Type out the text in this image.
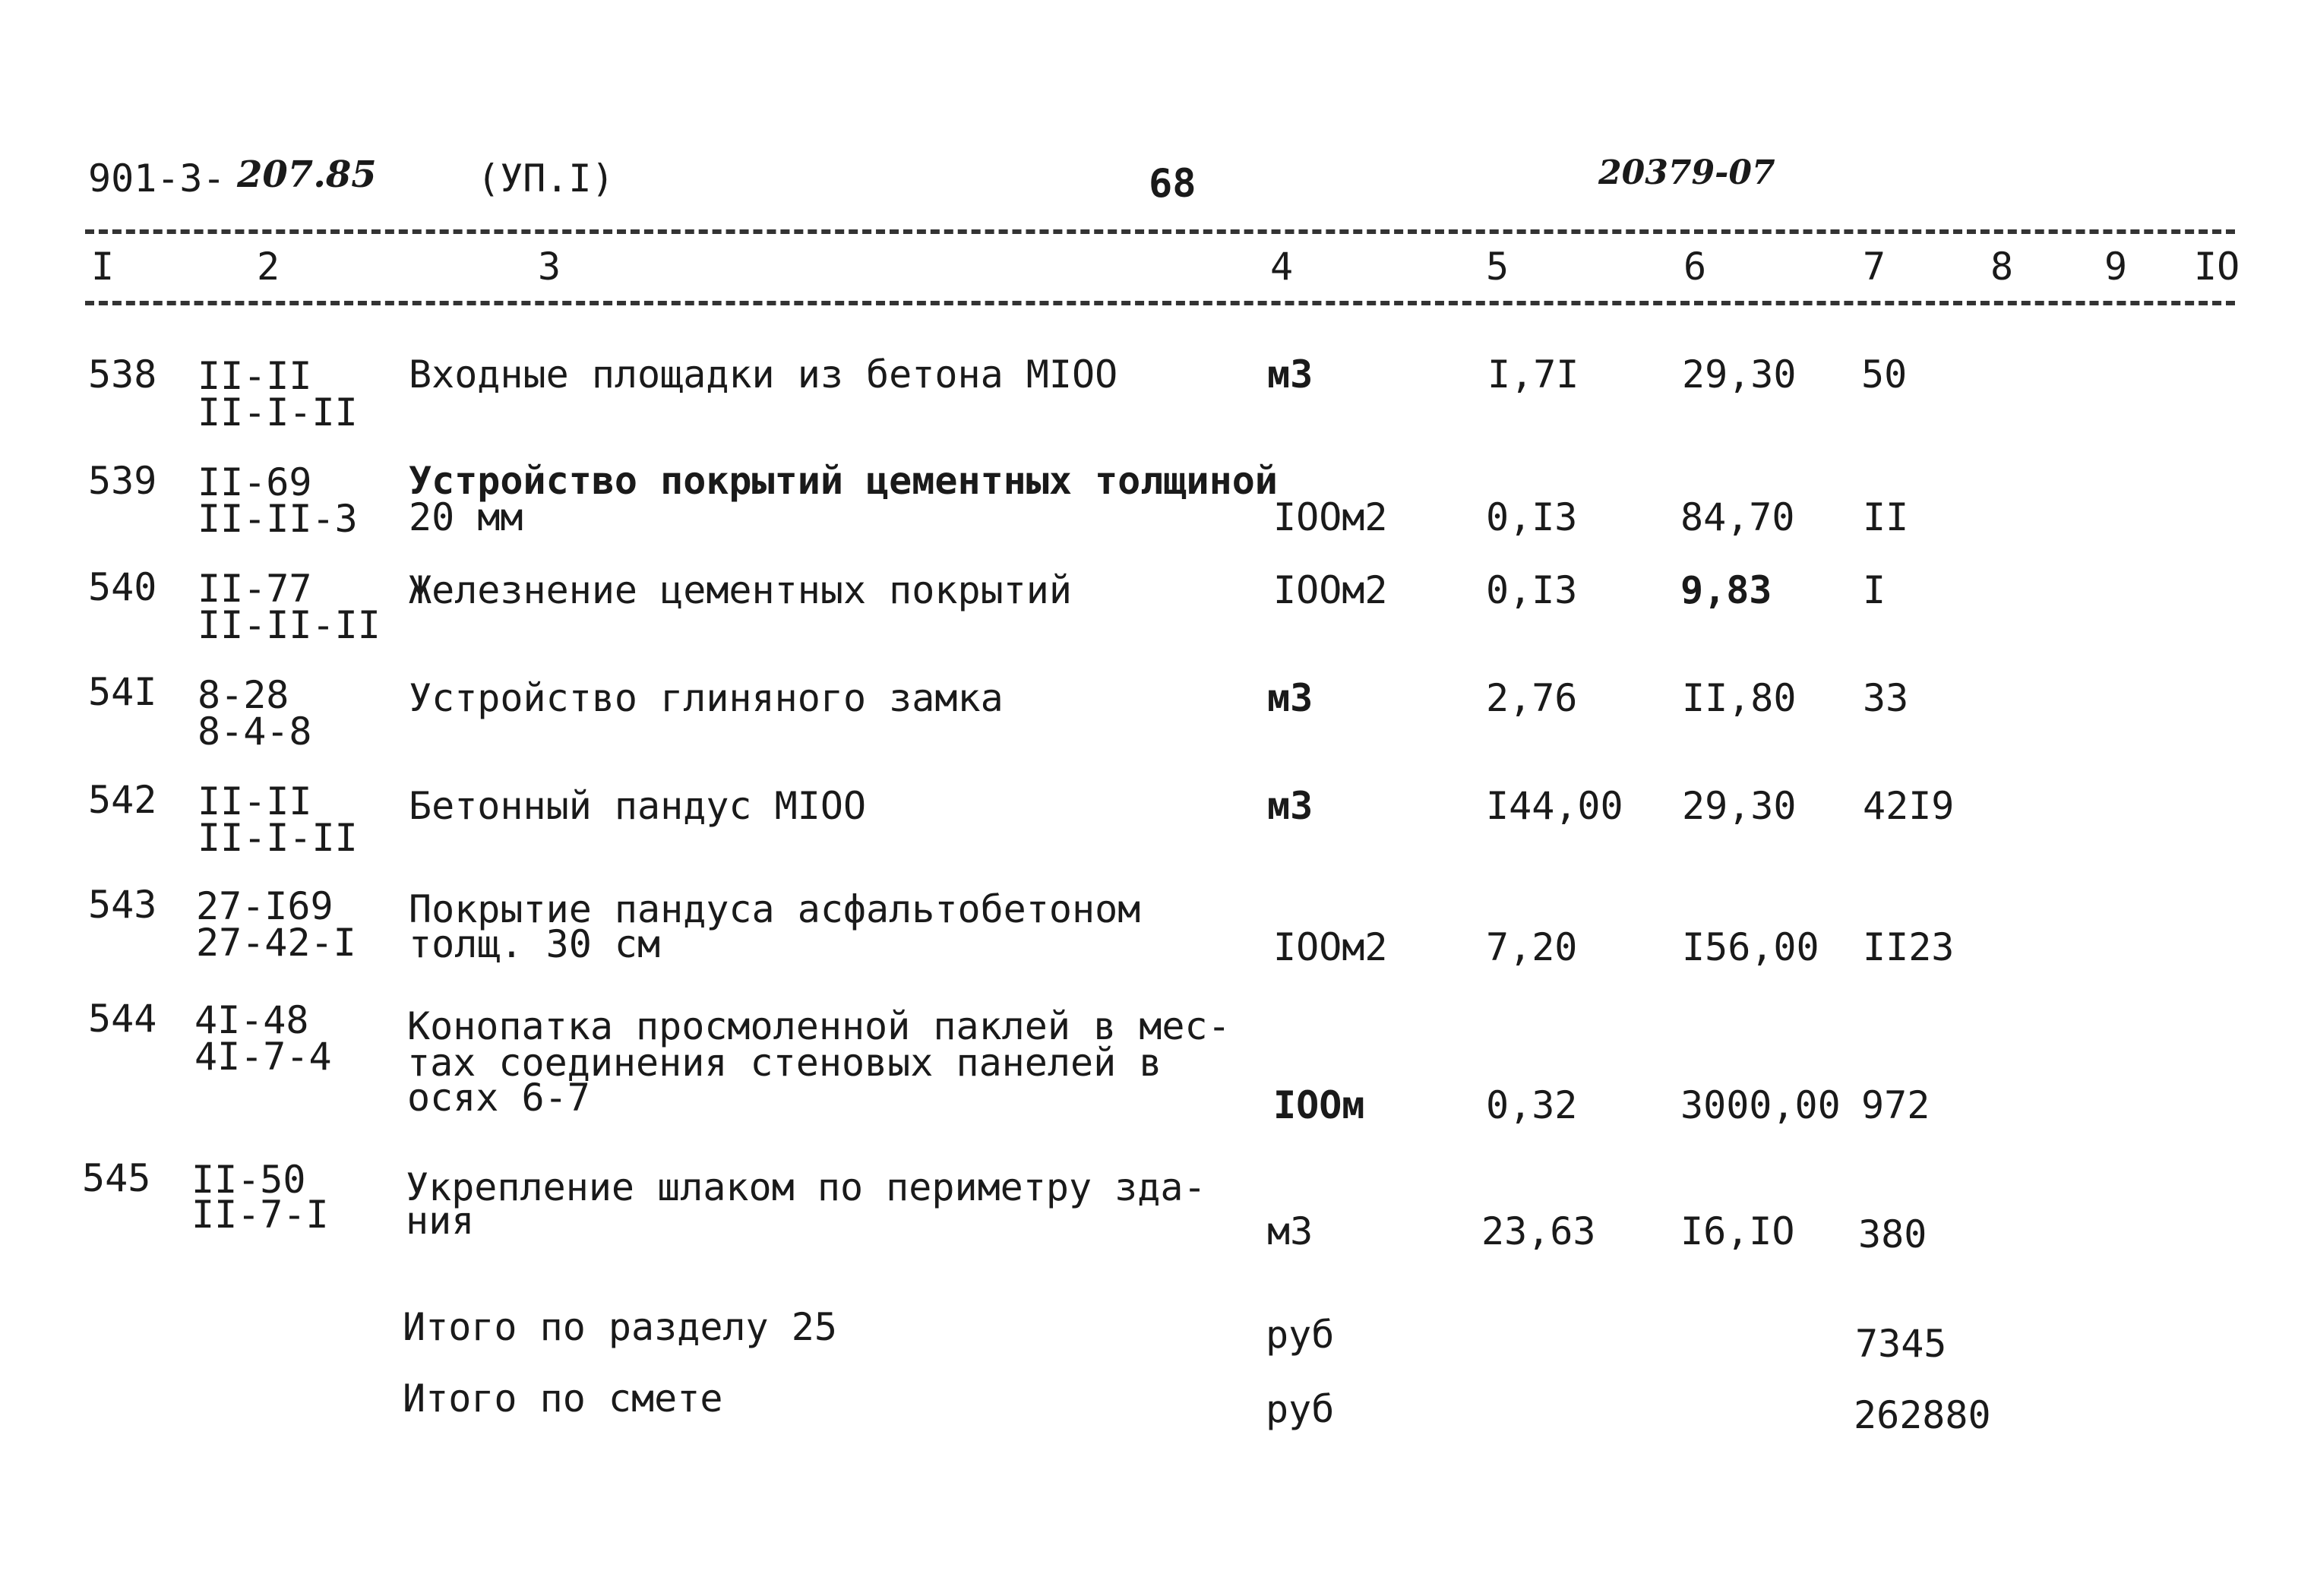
901-3- 207.85	(УП.I)	68	20379-07
I	2	3	4	5	6	7	8 9 IO
538 II-II
II-I-II
Входные площадки из бетона МIOO	м3	I,7I	29,30 50
539 II-69
II-II-3
Устройство покрытий цементных толщиной
20 мм	IOOм2	0,I3	84,70 II
540 II-77
II-II-II
Железнение цементных покрытий	IOOм2	0,I3	9,83 I
54I 8-28
8-4-8
Устройство глиняного замка	м3	2,76	II,80 33
542 II-II
II-I-II
Бетонный пандус МIOO	м3	I44,00 29,30 42I9
543 27-I69
27-42-I
Покрытие пандуса асфальтобетоном
толщ. 30 см	IOOм2	7,20	I56,00 II23
544 4I-48
4I-7-4
Конопатка просмоленной паклей в мес-
тах соединения стеновых панелей в
осях 6-7	IOOм	0,32	3000,00 972
545 II-50
II-7-I
Укрепление шлаком по периметру зда-
ния	м3	23,63 I6,IO 380
Итого по разделу 25	руб	7345
Итого по смете	руб	262880
